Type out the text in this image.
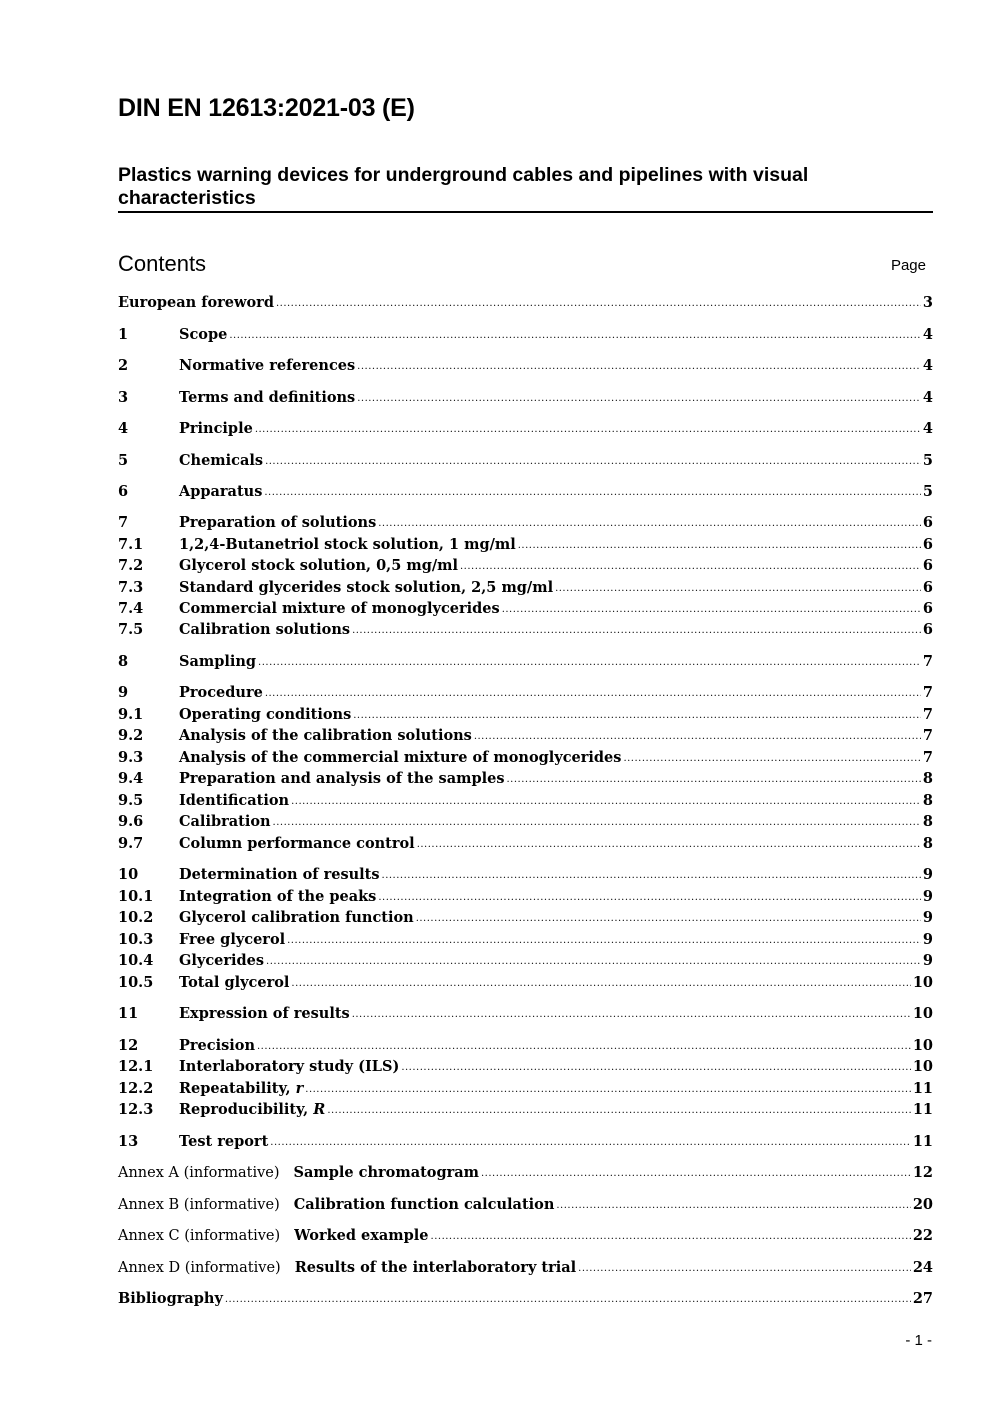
DIN EN 12613:2021-03 (E)
Plastics warning devices for underground cables and pipelines with visual characteristics
Contents	Page
European foreword .....	3
1	Scope .....	4
2	Normative references .....	4
3	Terms and definitions .....	4
4	Principle .....	4
5	Chemicals .....	5
6	Apparatus .....	5
7	Preparation of solutions .....	6
7.1	1,2,4-Butanetriol stock solution, 1 mg/ml .....	6
7.2	Glycerol stock solution, 0,5 mg/ml .....	6
7.3	Standard glycerides stock solution, 2,5 mg/ml .....	6
7.4	Commercial mixture of monoglycerides .....	6
7.5	Calibration solutions .....	6
8	Sampling .....	7
9	Procedure .....	7
9.1	Operating conditions .....	7
9.2	Analysis of the calibration solutions .....	7
9.3	Analysis of the commercial mixture of monoglycerides .....	7
9.4	Preparation and analysis of the samples .....	8
9.5	Identification .....	8
9.6	Calibration .....	8
9.7	Column performance control .....	8
10	Determination of results .....	9
10.1	Integration of the peaks .....	9
10.2	Glycerol calibration function .....	9
10.3	Free glycerol .....	9
10.4	Glycerides .....	9
10.5	Total glycerol .....	10
11	Expression of results .....	10
12	Precision .....	10
12.1	Interlaboratory study (ILS) .....	10
12.2	Repeatability, r .....	11
12.3	Reproducibility, R .....	11
13	Test report .....	11
Annex A (informative) Sample chromatogram .....	12
Annex B (informative) Calibration function calculation .....	20
Annex C (informative) Worked example .....	22
Annex D (informative) Results of the interlaboratory trial .....	24
Bibliography .....	27
- 1 -
